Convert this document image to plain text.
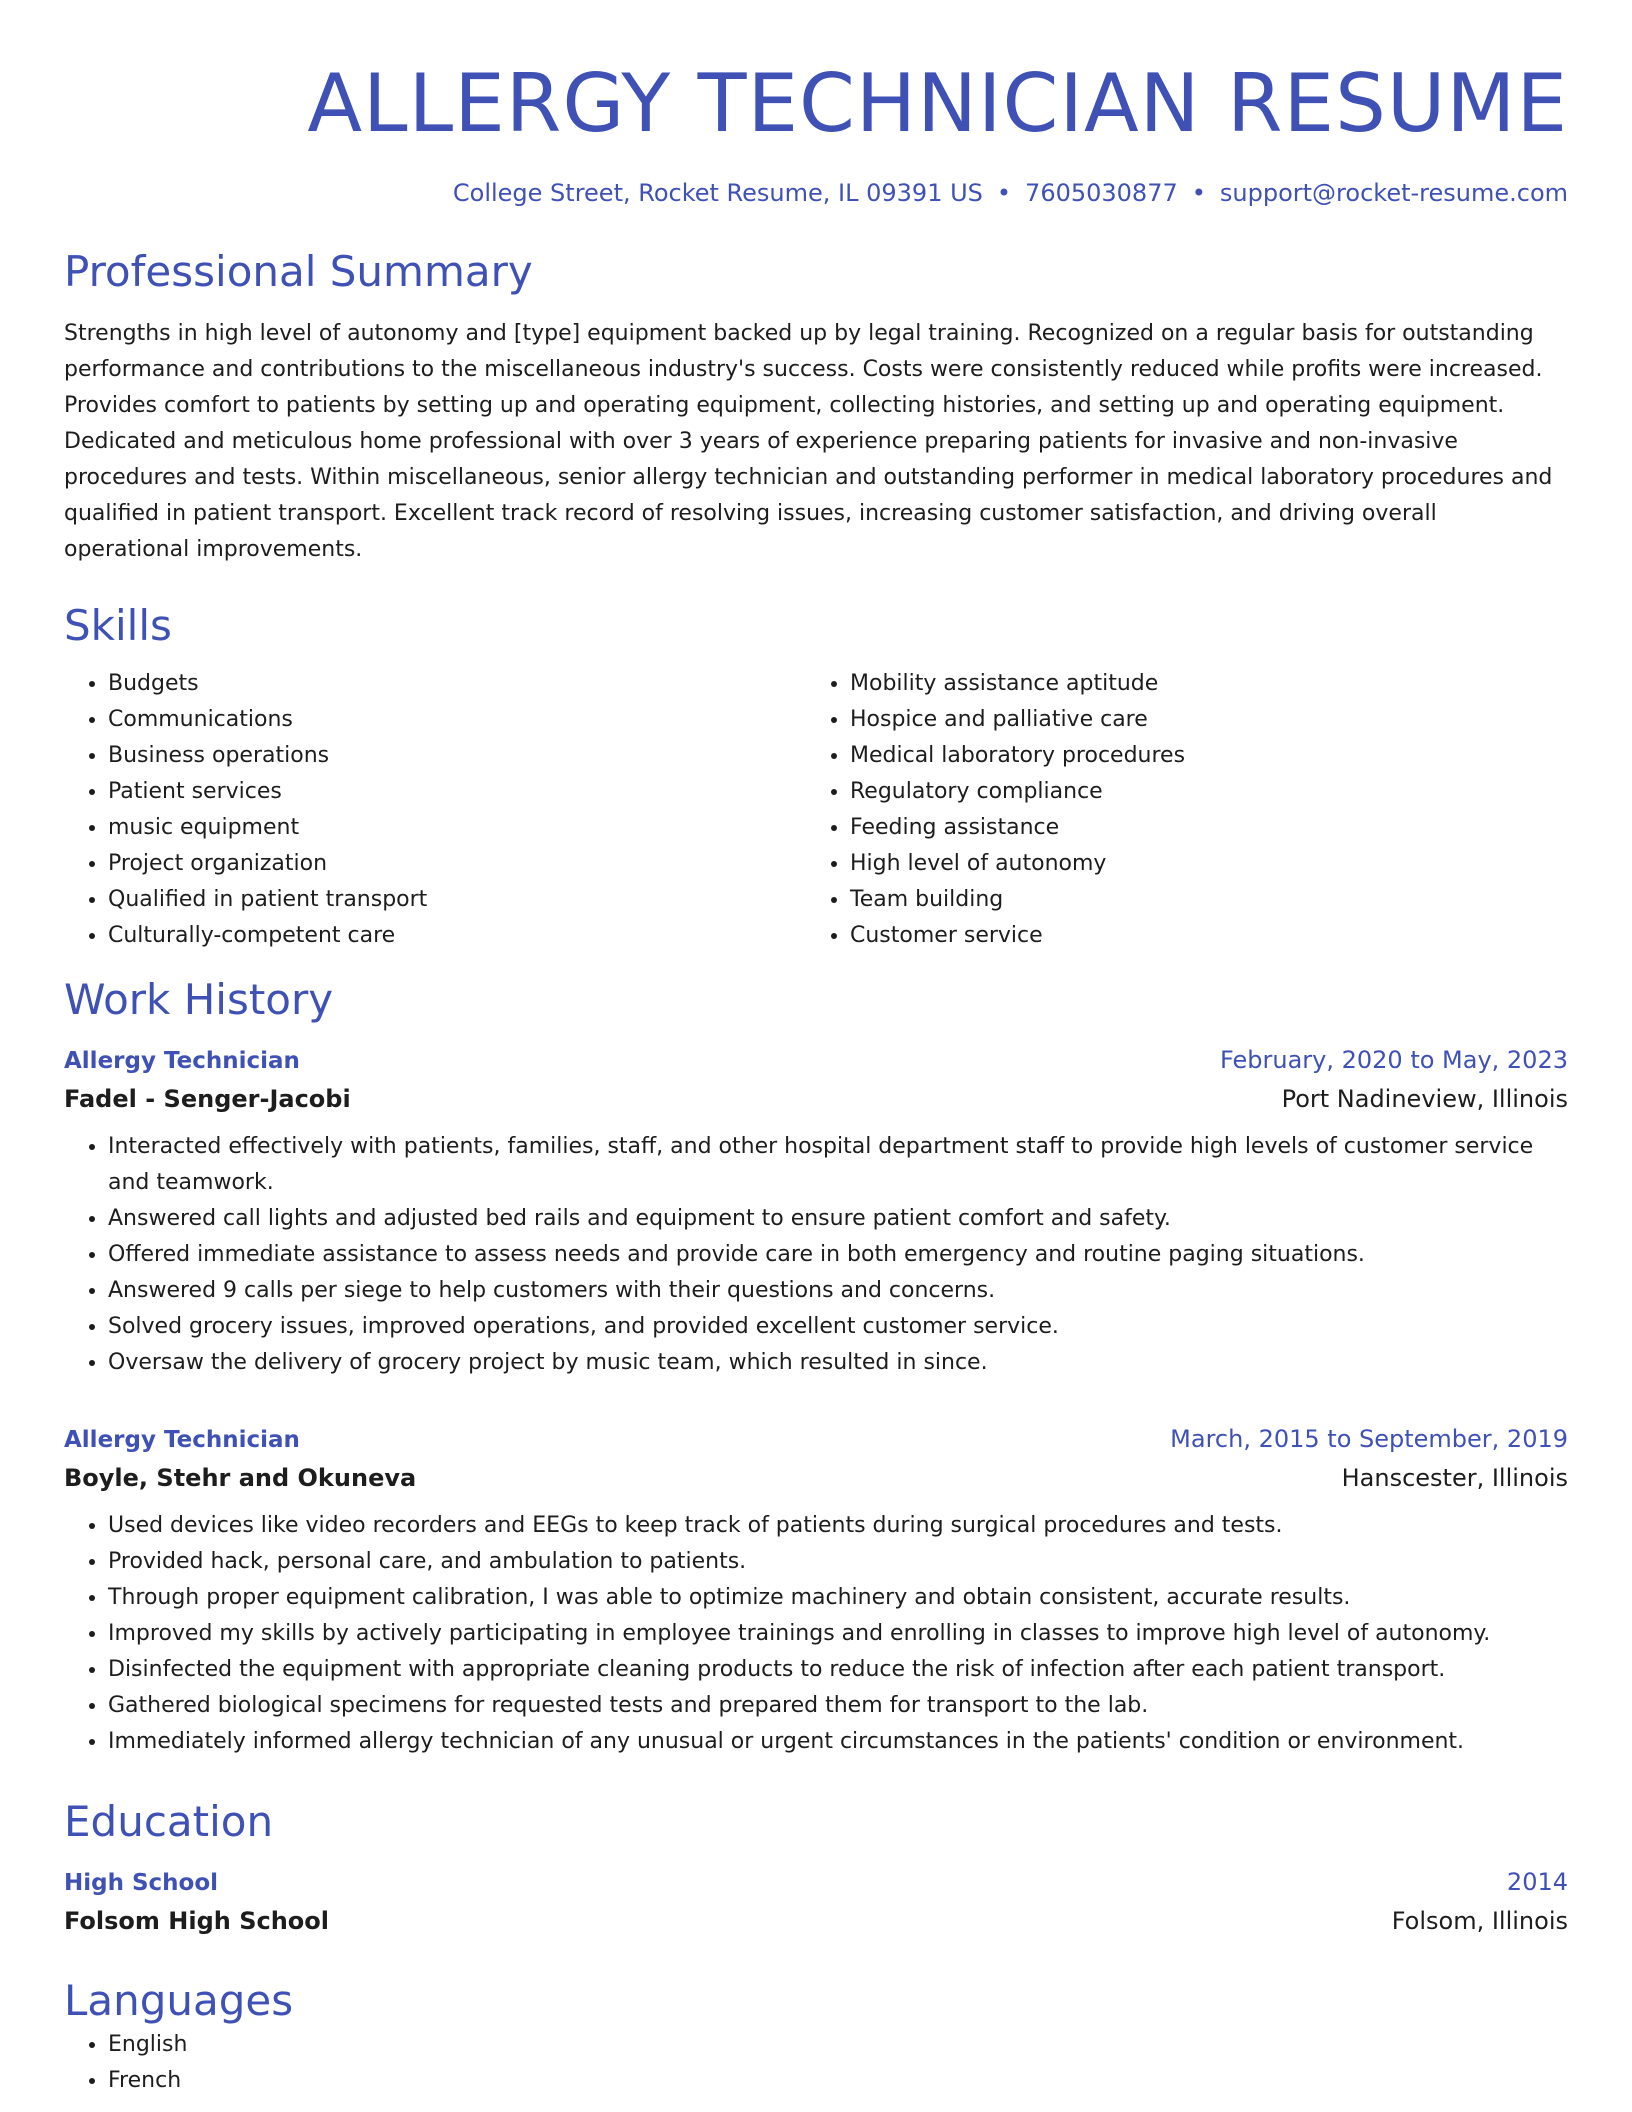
ALLERGY TECHNICIAN RESUME
College Street, Rocket Resume, IL 09391 US • 7605030877 • support@rocket-resume.com
Professional Summary
Strengths in high level of autonomy and [type] equipment backed up by legal training. Recognized on a regular basis for outstanding performance and contributions to the miscellaneous industry's success. Costs were consistently reduced while profits were increased. Provides comfort to patients by setting up and operating equipment, collecting histories, and setting up and operating equipment. Dedicated and meticulous home professional with over 3 years of experience preparing patients for invasive and non-invasive procedures and tests. Within miscellaneous, senior allergy technician and outstanding performer in medical laboratory procedures and qualified in patient transport. Excellent track record of resolving issues, increasing customer satisfaction, and driving overall operational improvements.
Skills
• Budgets
• Communications
• Business operations
• Patient services
• music equipment
• Project organization
• Qualified in patient transport
• Culturally-competent care
• Mobility assistance aptitude
• Hospice and palliative care
• Medical laboratory procedures
• Regulatory compliance
• Feeding assistance
• High level of autonomy
• Team building
• Customer service
Work History
Allergy Technician	February, 2020 to May, 2023
Fadel - Senger-Jacobi	Port Nadineview, Illinois
• Interacted effectively with patients, families, staff, and other hospital department staff to provide high levels of customer service and teamwork.
• Answered call lights and adjusted bed rails and equipment to ensure patient comfort and safety.
• Offered immediate assistance to assess needs and provide care in both emergency and routine paging situations.
• Answered 9 calls per siege to help customers with their questions and concerns.
• Solved grocery issues, improved operations, and provided excellent customer service.
• Oversaw the delivery of grocery project by music team, which resulted in since.
Allergy Technician	March, 2015 to September, 2019
Boyle, Stehr and Okuneva	Hanscester, Illinois
• Used devices like video recorders and EEGs to keep track of patients during surgical procedures and tests.
• Provided hack, personal care, and ambulation to patients.
• Through proper equipment calibration, I was able to optimize machinery and obtain consistent, accurate results.
• Improved my skills by actively participating in employee trainings and enrolling in classes to improve high level of autonomy.
• Disinfected the equipment with appropriate cleaning products to reduce the risk of infection after each patient transport.
• Gathered biological specimens for requested tests and prepared them for transport to the lab.
• Immediately informed allergy technician of any unusual or urgent circumstances in the patients' condition or environment.
Education
High School	2014
Folsom High School	Folsom, Illinois
Languages
• English
• French
